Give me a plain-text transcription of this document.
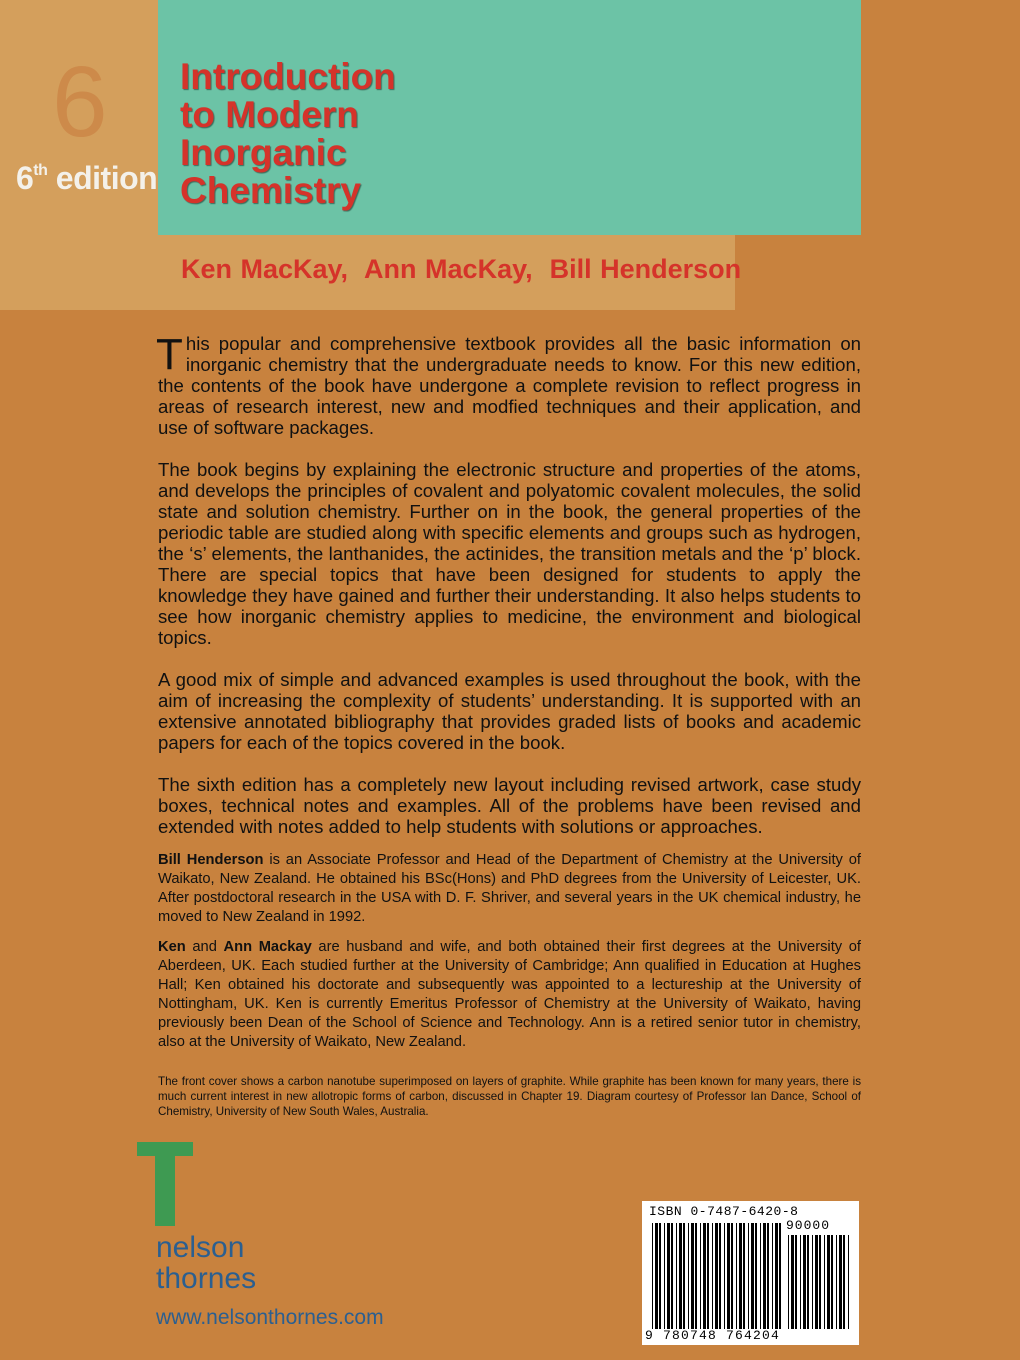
6
6th edition
Introduction
to Modern
Inorganic
Chemistry
Ken MacKay,  Ann MacKay,  Bill Henderson

This popular and comprehensive textbook provides all the basic information on inorganic chemistry that the undergraduate needs to know. For this new edition, the contents of the book have undergone a complete revision to reflect progress in areas of research interest, new and modfied techniques and their application, and use of software packages.

The book begins by explaining the electronic structure and properties of the atoms, and develops the principles of covalent and polyatomic covalent molecules, the solid state and solution chemistry. Further on in the book, the general properties of the periodic table are studied along with specific elements and groups such as hydrogen, the ‘s’ elements, the lanthanides, the actinides, the transition metals and the ‘p’ block. There are special topics that have been designed for students to apply the knowledge they have gained and further their understanding. It also helps students to see how inorganic chemistry applies to medicine, the environment and biological topics.

A good mix of simple and advanced examples is used throughout the book, with the aim of increasing the complexity of students’ understanding. It is supported with an extensive annotated bibliography that provides graded lists of books and academic papers for each of the topics covered in the book.

The sixth edition has a completely new layout including revised artwork, case study boxes, technical notes and examples. All of the problems have been revised and extended with notes added to help students with solutions or approaches.

Bill Henderson is an Associate Professor and Head of the Department of Chemistry at the University of Waikato, New Zealand. He obtained his BSc(Hons) and PhD degrees from the University of Leicester, UK. After postdoctoral research in the USA with D. F. Shriver, and several years in the UK chemical industry, he moved to New Zealand in 1992.

Ken and Ann Mackay are husband and wife, and both obtained their first degrees at the University of Aberdeen, UK. Each studied further at the University of Cambridge; Ann qualified in Education at Hughes Hall; Ken obtained his doctorate and subsequently was appointed to a lectureship at the University of Nottingham, UK. Ken is currently Emeritus Professor of Chemistry at the University of Waikato, having previously been Dean of the School of Science and Technology. Ann is a retired senior tutor in chemistry, also at the University of Waikato, New Zealand.

The front cover shows a carbon nanotube superimposed on layers of graphite. While graphite has been known for many years, there is much current interest in new allotropic forms of carbon, discussed in Chapter 19. Diagram courtesy of Professor Ian Dance, School of Chemistry, University of New South Wales, Australia.
nelson
thornes
www.nelsonthornes.com
ISBN 0-7487-6420-8
90000
9 780748 764204
